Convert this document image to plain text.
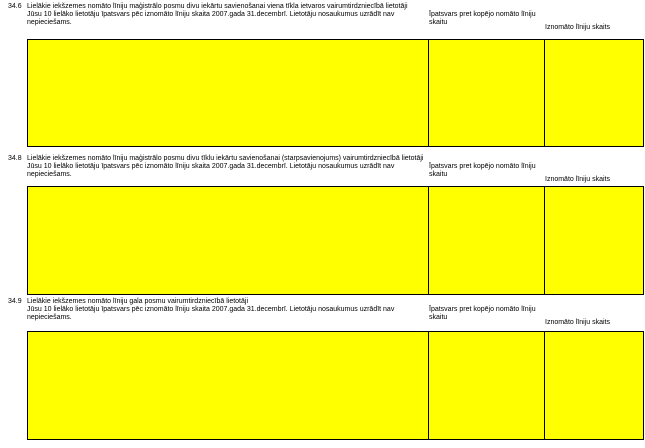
34.6 Lielākie iekšzemes nomāto līniju maģistrālo posmu divu iekārtu savienošanai viena tīkla ietvaros vairumtirdzniecībā lietotāji

Jūsu 10 lielāko lietotāju īpatsvars pēc iznomāto līniju skaita 2007.gada 31.decembrī. Lietotāju nosaukumus uzrādīt nav nepieciešams.

Īpatsvars pret kopējo nomāto līniju skaitu

Iznomāto līniju skaits

34.8 Lielākie iekšzemes nomāto līniju maģistrālo posmu divu tīklu iekārtu savienošanai (starpsavienojums) vairumtirdzniecībā lietotāji

Jūsu 10 lielāko lietotāju īpatsvars pēc iznomāto līniju skaita 2007.gada 31.decembrī. Lietotāju nosaukumus uzrādīt nav nepieciešams.

Īpatsvars pret kopējo nomāto līniju skaitu

Iznomāto līniju skaits

34.9 Lielākie iekšzemes nomāto līniju gala posmu vairumtirdzniecībā lietotāji

Jūsu 10 lielāko lietotāju īpatsvars pēc iznomāto līniju skaita 2007.gada 31.decembrī. Lietotāju nosaukumus uzrādīt nav nepieciešams.

Īpatsvars pret kopējo nomāto līniju skaitu

Iznomāto līniju skaits
